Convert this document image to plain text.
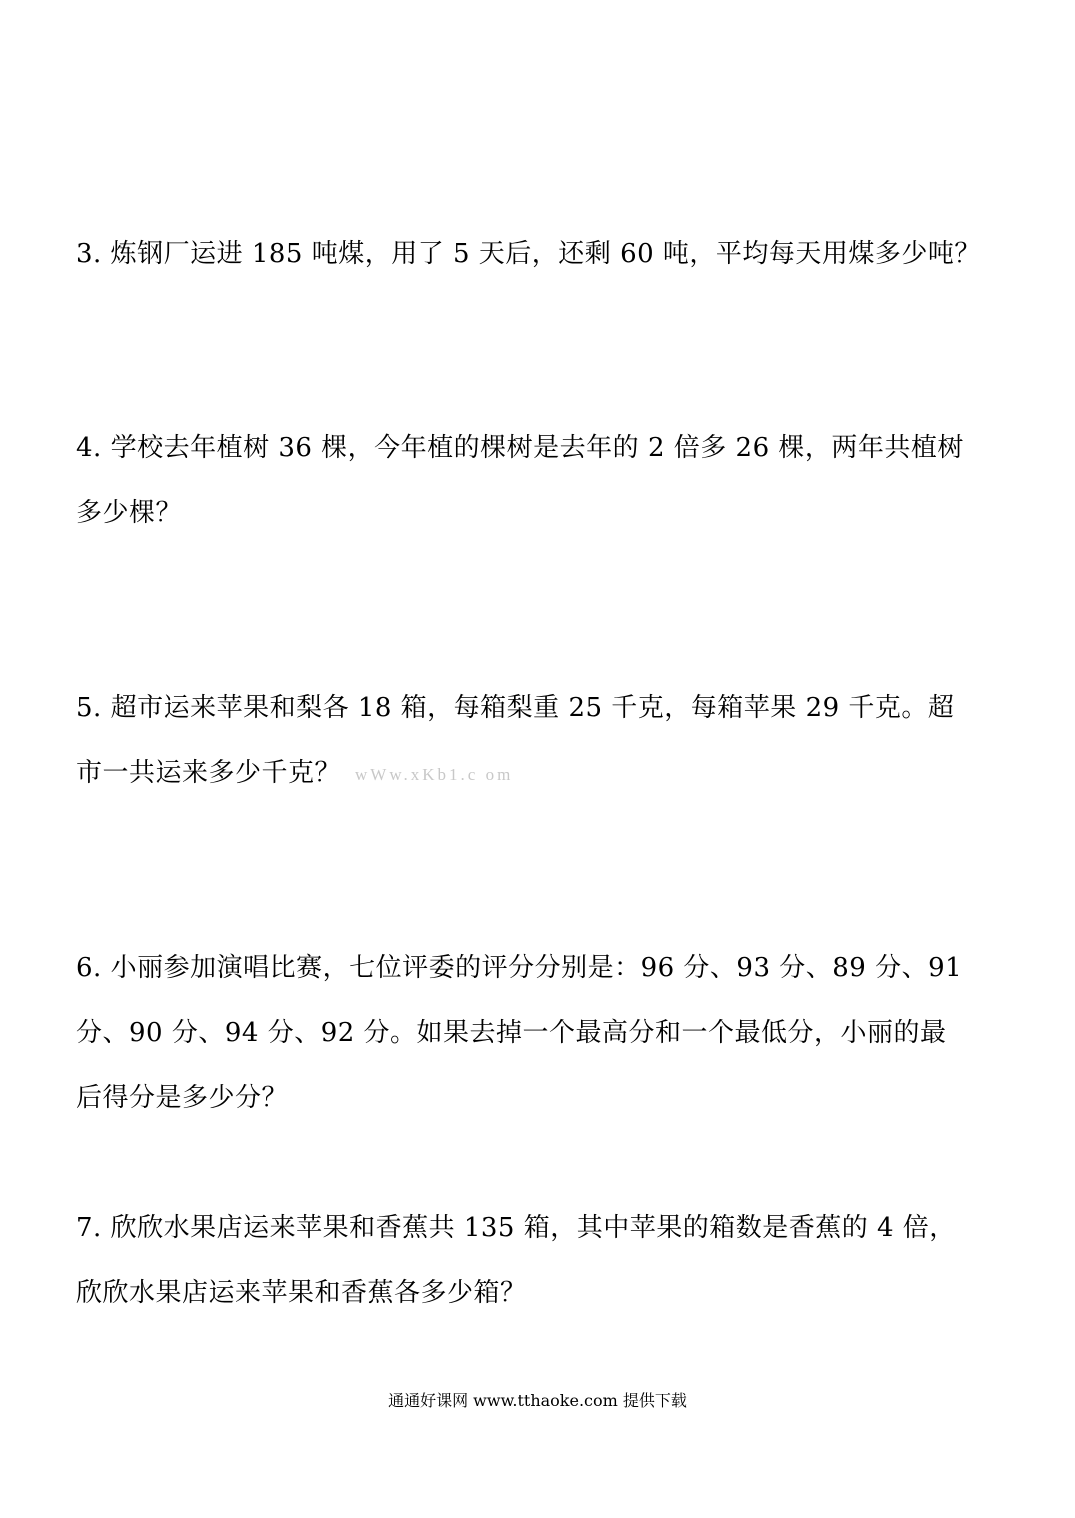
3. 炼钢厂运进 185 吨煤，用了 5 天后，还剩 60 吨，平均每天用煤多少吨？
4. 学校去年植树 36 棵，今年植的棵树是去年的 2 倍多 26 棵，两年共植树
多少棵？
5. 超市运来苹果和梨各 18 箱，每箱梨重 25 千克，每箱苹果 29 千克。超
市一共运来多少千克？ wWw.xKb1.c om
6. 小丽参加演唱比赛，七位评委的评分分别是：96 分、93 分、89 分、91
分、90 分、94 分、92 分。如果去掉一个最高分和一个最低分，小丽的最
后得分是多少分？
7. 欣欣水果店运来苹果和香蕉共 135 箱，其中苹果的箱数是香蕉的 4 倍，
欣欣水果店运来苹果和香蕉各多少箱？
通通好课网 www.tthaoke.com 提供下载
